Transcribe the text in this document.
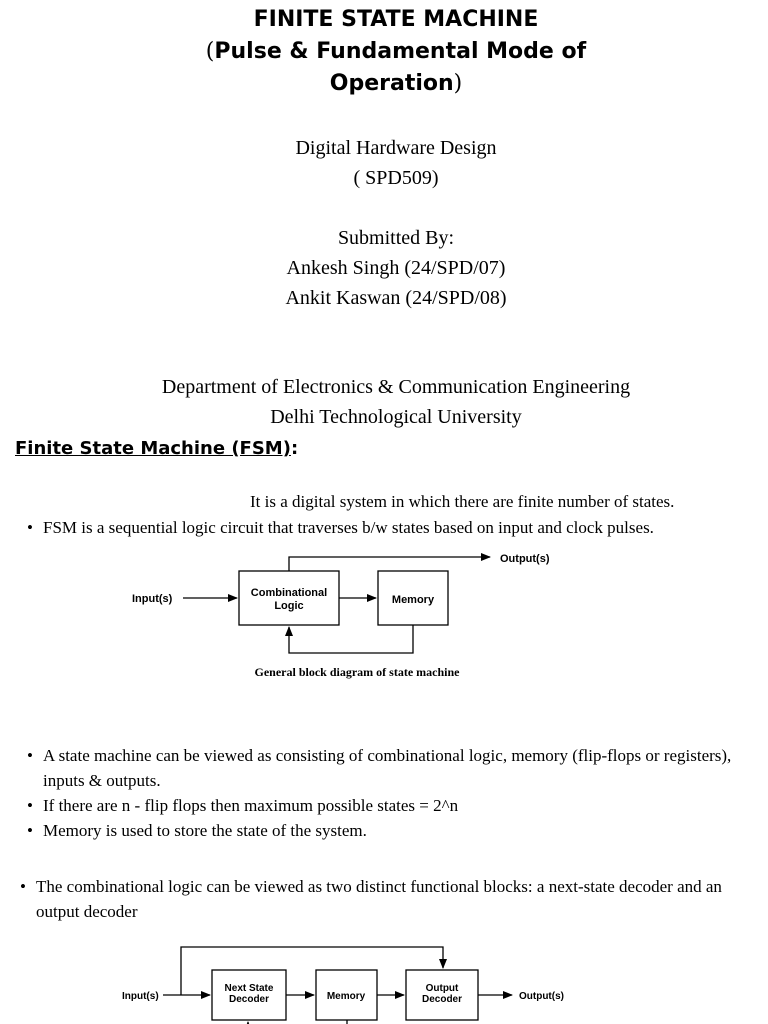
FINITE STATE MACHINE

(Pulse & Fundamental Mode of

Operation)

Digital Hardware Design
( SPD509)
Submitted By:
Ankesh Singh (24/SPD/07)
Ankit Kaswan (24/SPD/08)
Department of Electronics & Communication Engineering
Delhi Technological University
Finite State Machine (FSM):
It is a digital system in which there are finite number of states.
• FSM is a sequential logic circuit that traverses b/w states based on input and clock pulses.
Input(s)	Combinational
Logic	Memory
Output(s)
General block diagram of state machine
• A state machine can be viewed as consisting of combinational logic, memory (flip-flops or registers), inputs & outputs.
• If there are n - flip flops then maximum possible states = 2^n
• Memory is used to store the state of the system.
• The combinational logic can be viewed as two distinct functional blocks: a next-state decoder and an output decoder
Input(s)
Next State
Decoder	Memory
Output
Decoder	Output(s)
